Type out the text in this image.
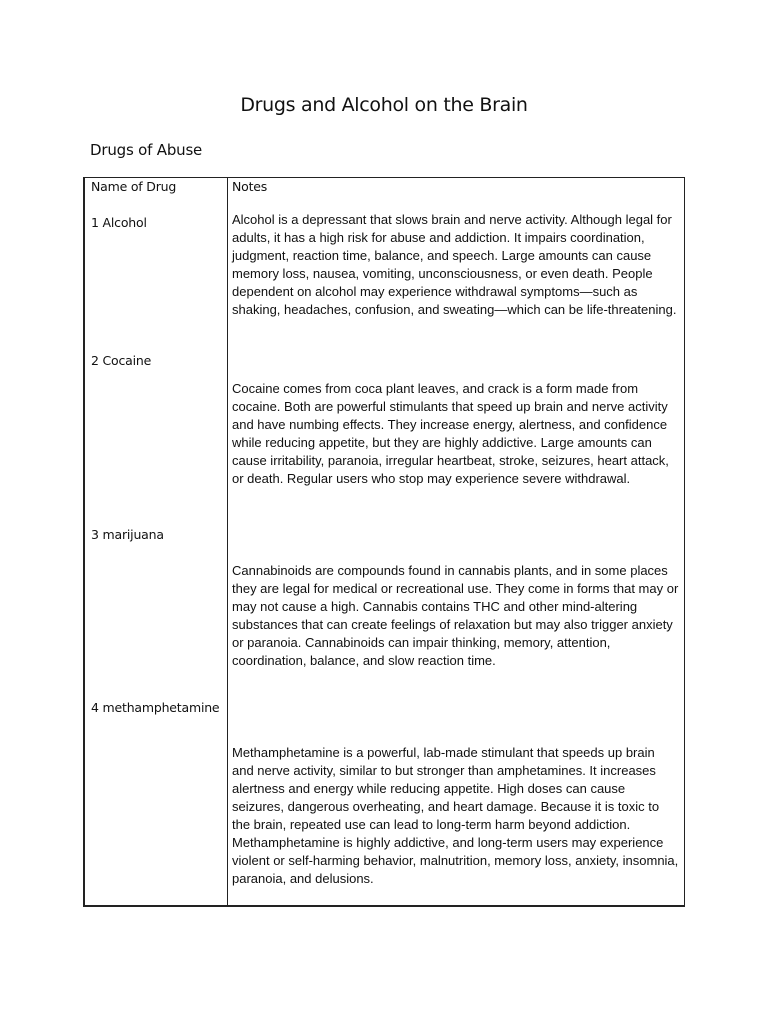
Drugs and Alcohol on the Brain
Drugs of Abuse
Name of Drug	Notes
1 Alcohol	Alcohol is a depressant that slows brain and nerve activity. Although legal for adults, it has a high risk for abuse and addiction. It impairs coordination, judgment, reaction time, balance, and speech. Large amounts can cause memory loss, nausea, vomiting, unconsciousness, or even death. People dependent on alcohol may experience withdrawal symptoms—such as shaking, headaches, confusion, and sweating—which can be life-threatening.

2 Cocaine

Cocaine comes from coca plant leaves, and crack is a form made from cocaine. Both are powerful stimulants that speed up brain and nerve activity and have numbing effects. They increase energy, alertness, and confidence while reducing appetite, but they are highly addictive. Large amounts can cause irritability, paranoia, irregular heartbeat, stroke, seizures, heart attack, or death. Regular users who stop may experience severe withdrawal.

3 marijuana

Cannabinoids are compounds found in cannabis plants, and in some places they are legal for medical or recreational use. They come in forms that may or may not cause a high. Cannabis contains THC and other mind-altering substances that can create feelings of relaxation but may also trigger anxiety or paranoia. Cannabinoids can impair thinking, memory, attention, coordination, balance, and slow reaction time.

4 methamphetamine

Methamphetamine is a powerful, lab-made stimulant that speeds up brain and nerve activity, similar to but stronger than amphetamines. It increases alertness and energy while reducing appetite. High doses can cause seizures, dangerous overheating, and heart damage. Because it is toxic to the brain, repeated use can lead to long-term harm beyond addiction. Methamphetamine is highly addictive, and long-term users may experience violent or self-harming behavior, malnutrition, memory loss, anxiety, insomnia, paranoia, and delusions.
